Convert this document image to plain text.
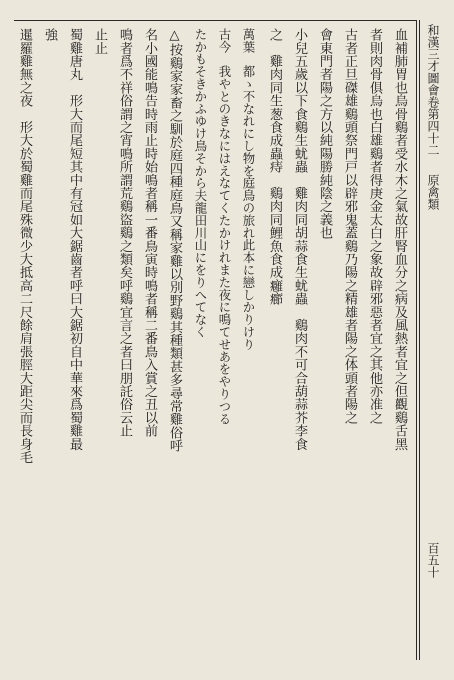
和漢三才圖會卷第四十二原禽類
百五十
血補肺胃也烏骨鷄者受水木之氣故肝腎血分之病及風熱者宜之但觀鷄舌黑
者則肉骨俱烏也白雄鷄者得庚金太白之象故辟邪惡者宜之其他亦准之
古者正旦磔雄鷄頭祭門戸以辟邪鬼蓋鷄乃陽之精雄者陽之体頭者陽之
會東門者陽之方以純陽勝純陰之義也
小兒五歲以下食鷄生蚘蟲　雞肉同胡蒜食生蚘蟲　鷄肉不可合葫蒜芥李食
之　雞肉同生葱食成蟲痔　鷄肉同鯉魚食成癰癤
萬葉　都ゝ不なれにし物を庭鳥の旅れ此本に戀しかりけり
古今　我やとのきなにはえなてくたかけれまた夜に鳴てせあをやりつる
たかもそきかふゆけ鳥そから夫龍田川山にをりへてなく
△按鷄家家畜之馴於庭四種庭鳥又稱家雞以別野鷄其種類甚多尋常雞俗呼
名小國能鳴告時雨止時始鳴者稱一番鳥寅時鳴者稱二番鳥入賞之丑以前
鳴者爲不祥俗謂之宵鳴所謂荒鷄盜鷄之類矣呼鷄宜言之者曰朋託俗云止
止止
蜀雞唐丸　形大而尾短其中有冠如大鋸齒者呼曰大鋸初自中華來爲蜀雞最
強
暹羅雞無之夜　形大於蜀雞而尾殊微少大抵高二尺餘肩張脛大距尖而長身毛
